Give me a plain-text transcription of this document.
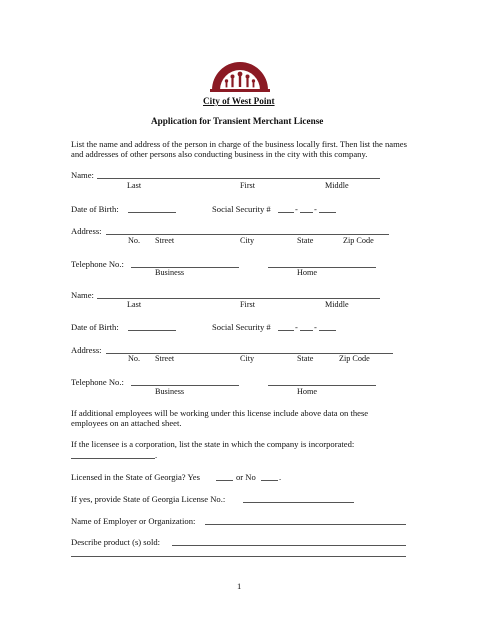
City of West Point
Application for Transient Merchant License
List the name and address of the person in charge of the business locally first. Then list the names
and addresses of other persons also conducting business in the city with this company.
Name:
Last	First	Middle
Date of Birth:	Social Security #	- -
Address:
No. Street	City	State	Zip Code
Telephone No.:
Business	Home
Name:
Last	First	Middle
Date of Birth:	Social Security #	- -
Address:
No. Street	City	State	Zip Code
Telephone No.:
Business	Home
If additional employees will be working under this license include above data on these
employees on an attached sheet.
If the licensee is a corporation, list the state in which the company is incorporated:
.
Licensed in the State of Georgia? Yes	or No	.
If yes, provide State of Georgia License No.:
Name of Employer or Organization:
Describe product (s) sold:
1
